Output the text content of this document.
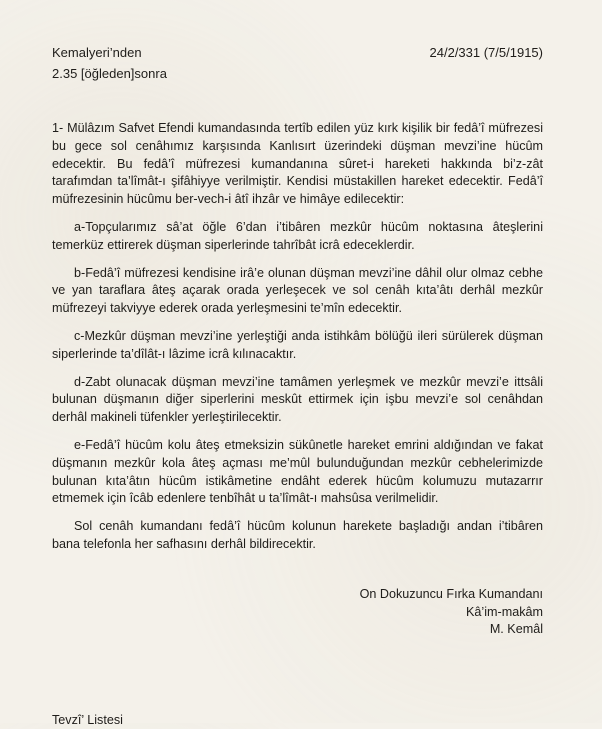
Kemalyeri’nden
2.35 [öğleden]sonra
24/2/331 (7/5/1915)

1- Mülâzım Safvet Efendi kumandasında tertîb edilen yüz kırk kişilik bir fedâ’î müfrezesi bu gece sol cenâhımız karşısında Kanlısırt üzerindeki düşman mevzi’ine hücûm edecektir. Bu fedâ’î müfrezesi kumandanına sûret-i hareketi hakkında bi’z-zât tarafımdan ta’lîmât-ı şifâhiyye verilmiştir. Kendisi müstakillen hareket edecektir. Fedâ’î müfrezesinin hücûmu ber-vech-i âtî ihzâr ve himâye edilecektir:

a-Topçularımız sâ’at öğle 6’dan i’tibâren mezkûr hücûm noktasına âteşlerini temerküz ettirerek düşman siperlerinde tahrîbât icrâ edeceklerdir.

b-Fedâ’î müfrezesi kendisine irâ’e olunan düşman mevzi’ine dâhil olur olmaz cebhe ve yan taraflara âteş açarak orada yerleşecek ve sol cenâh kıta’âtı derhâl mezkûr müfrezeyi takviyye ederek orada yerleşmesini te’mîn edecektir.

c-Mezkûr düşman mevzi’ine yerleştiği anda istihkâm bölüğü ileri sürülerek düşman siperlerinde ta’dîlât-ı lâzime icrâ kılınacaktır.

d-Zabt olunacak düşman mevzi’ine tamâmen yerleşmek ve mezkûr mevzi’e ittsâli bulunan düşmanın diğer siperlerini meskût ettirmek için işbu mevzi’e sol cenâhdan derhâl makineli tüfenkler yerleştirilecektir.

e-Fedâ’î hücûm kolu âteş etmeksizin sükûnetle hareket emrini aldığından ve fakat düşmanın mezkûr kola âteş açması me’mûl bulunduğundan mezkûr cebhelerimizde bulunan kıta’âtın hücûm istikâmetine endâht ederek hücûm kolumuzu mutazarrır etmemek için îcâb edenlere tenbîhât u ta’lîmât-ı mahsûsa verilmelidir.

Sol cenâh kumandanı fedâ’î hücûm kolunun harekete başladığı andan i’tibâren bana telefonla her safhasını derhâl bildirecektir.

On Dokuzuncu Fırka Kumandanı
Kâ’im-makâm
M. Kemâl
Tevzî’ Listesi
